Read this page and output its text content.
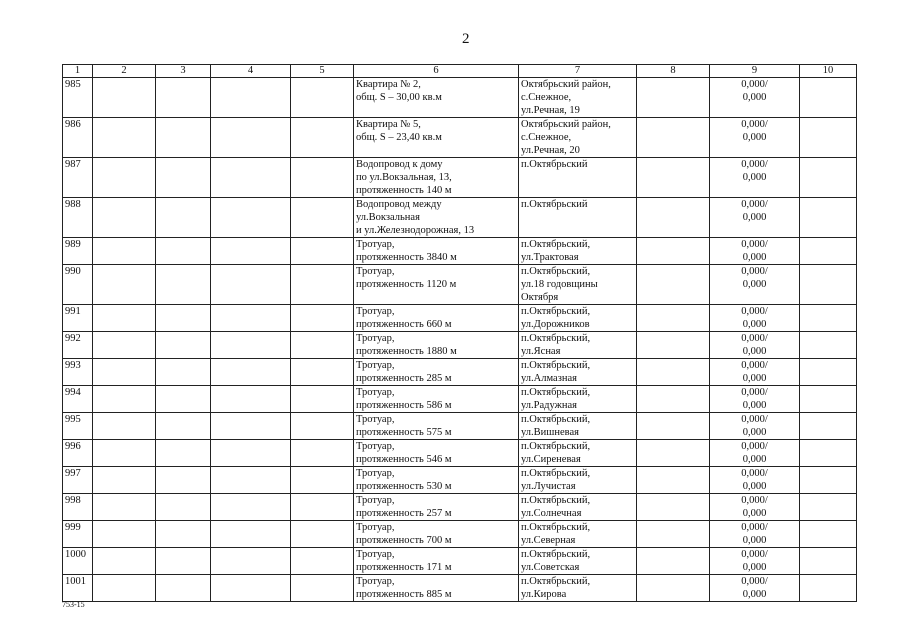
2
1	2	3	4	5	6	7	8	9	10
985					Квартира № 2,
общ. S – 30,00 кв.м	Октябрьский район,
с.Снежное,
ул.Речная, 19		0,000/
0,000	

986					Квартира № 5,
общ. S – 23,40 кв.м	Октябрьский район,
с.Снежное,
ул.Речная, 20		0,000/
0,000	

987					Водопровод к дому
по ул.Вокзальная, 13,
протяженность 140 м	п.Октябрьский		0,000/
0,000	

988					Водопровод между
ул.Вокзальная
и ул.Железнодорожная, 13	п.Октябрьский		0,000/
0,000	

989					Тротуар,
протяженность 3840 м	п.Октябрьский,
ул.Трактовая		0,000/
0,000	

990					Тротуар,
протяженность 1120 м	п.Октябрьский,
ул.18 годовщины
Октября		0,000/
0,000	

991					Тротуар,
протяженность 660 м	п.Октябрьский,
ул.Дорожников		0,000/
0,000	

992					Тротуар,
протяженность 1880 м	п.Октябрьский,
ул.Ясная		0,000/
0,000	

993					Тротуар,
протяженность 285 м	п.Октябрьский,
ул.Алмазная		0,000/
0,000	

994					Тротуар,
протяженность 586 м	п.Октябрьский,
ул.Радужная		0,000/
0,000	

995					Тротуар,
протяженность 575 м	п.Октябрьский,
ул.Вишневая		0,000/
0,000	

996					Тротуар,
протяженность 546 м	п.Октябрьский,
ул.Сиреневая		0,000/
0,000	

997					Тротуар,
протяженность 530 м	п.Октябрьский,
ул.Лучистая		0,000/
0,000	

998					Тротуар,
протяженность 257 м	п.Октябрьский,
ул.Солнечная		0,000/
0,000	

999					Тротуар,
протяженность 700 м	п.Октябрьский,
ул.Северная		0,000/
0,000	

1000					Тротуар,
протяженность 171 м	п.Октябрьский,
ул.Советская		0,000/
0,000	

1001					Тротуар,
протяженность 885 м	п.Октябрьский,
ул.Кирова		0,000/
0,000	

753-15
